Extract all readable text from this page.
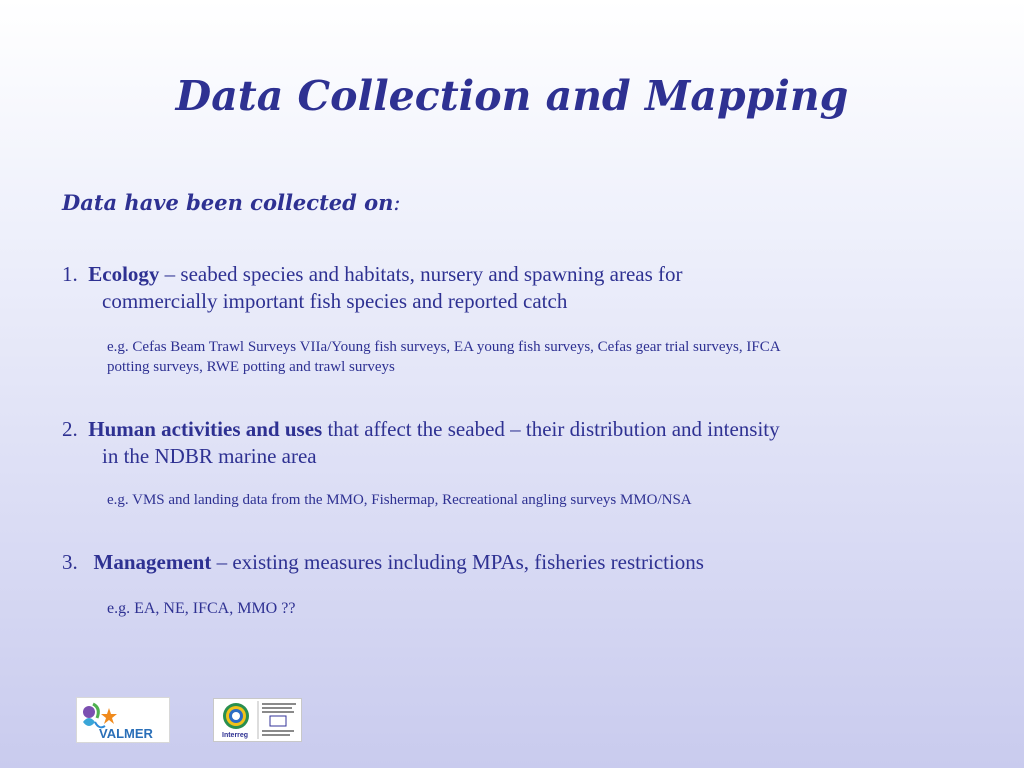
Data Collection and Mapping
Data have been collected on:
1. Ecology – seabed species and habitats, nursery and spawning areas for
commercially important fish species and reported catch
e.g. Cefas Beam Trawl Surveys VIIa/Young fish surveys, EA young fish surveys, Cefas gear trial surveys, IFCA
potting surveys, RWE potting and trawl surveys
2. Human activities and uses that affect the seabed – their distribution and intensity
in the NDBR marine area
e.g. VMS and landing data from the MMO, Fishermap, Recreational angling surveys MMO/NSA
3. Management – existing measures including MPAs, fisheries restrictions
e.g. EA, NE, IFCA, MMO ??
VALMER	Interreg
